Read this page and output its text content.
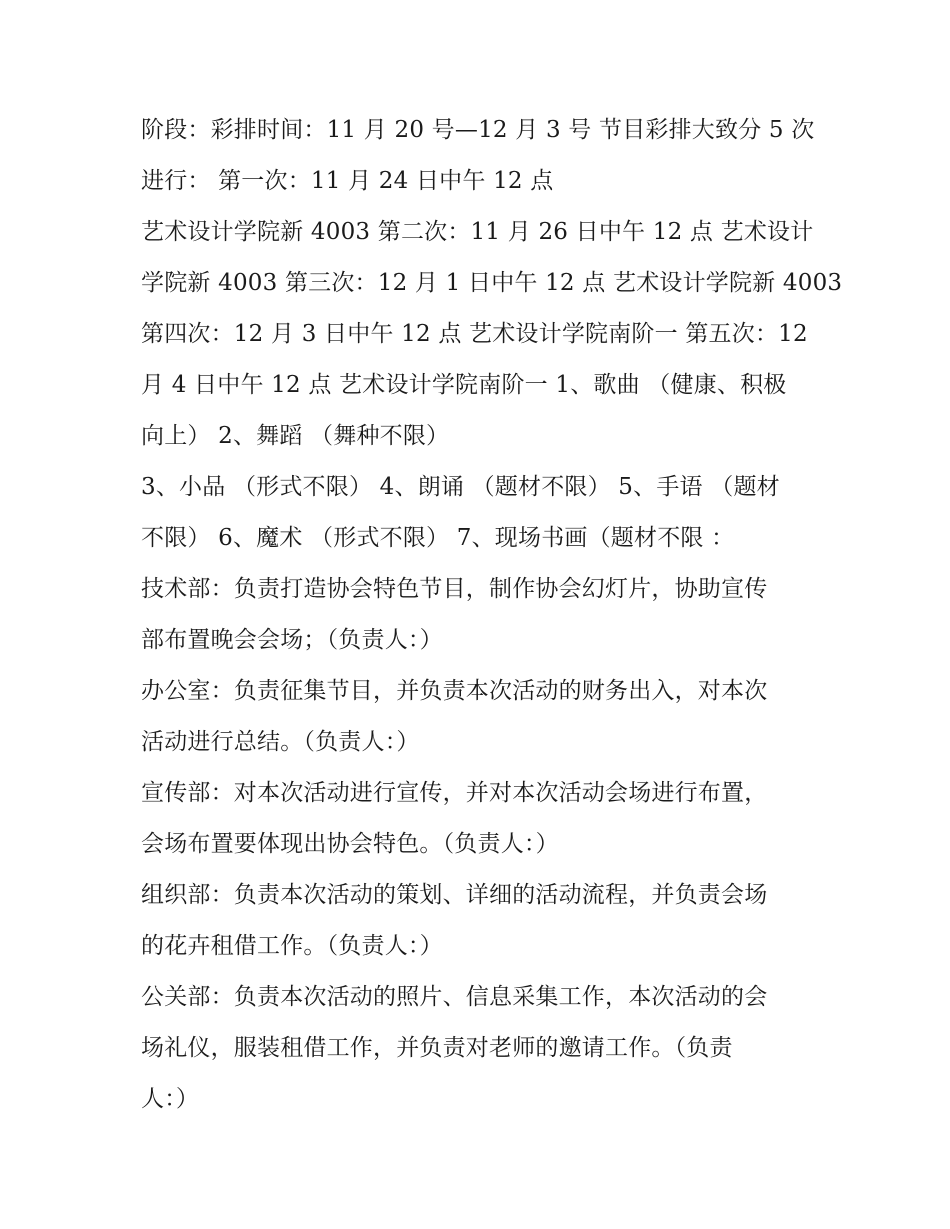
阶段：彩排时间：11 月 20 号—12 月 3 号 节目彩排大致分 5 次
进行： 第一次：11 月 24 日中午 12 点
艺术设计学院新 4003 第二次：11 月 26 日中午 12 点 艺术设计
学院新 4003 第三次：12 月 1 日中午 12 点 艺术设计学院新 4003
第四次：12 月 3 日中午 12 点 艺术设计学院南阶一 第五次：12
月 4 日中午 12 点 艺术设计学院南阶一 1、歌曲 （健康、积极
向上） 2、舞蹈 （舞种不限）
3、小品 （形式不限） 4、朗诵 （题材不限） 5、手语 （题材
不限） 6、魔术 （形式不限） 7、现场书画（题材不限 ：
技术部：负责打造协会特色节目，制作协会幻灯片，协助宣传
部布置晚会会场；（负责人：）
办公室：负责征集节目，并负责本次活动的财务出入，对本次
活动进行总结。（负责人：）
宣传部：对本次活动进行宣传，并对本次活动会场进行布置，
会场布置要体现出协会特色。（负责人：）
组织部：负责本次活动的策划、详细的活动流程，并负责会场
的花卉租借工作。（负责人：）
公关部：负责本次活动的照片、信息采集工作，本次活动的会
场礼仪，服装租借工作，并负责对老师的邀请工作。（负责
人：）
